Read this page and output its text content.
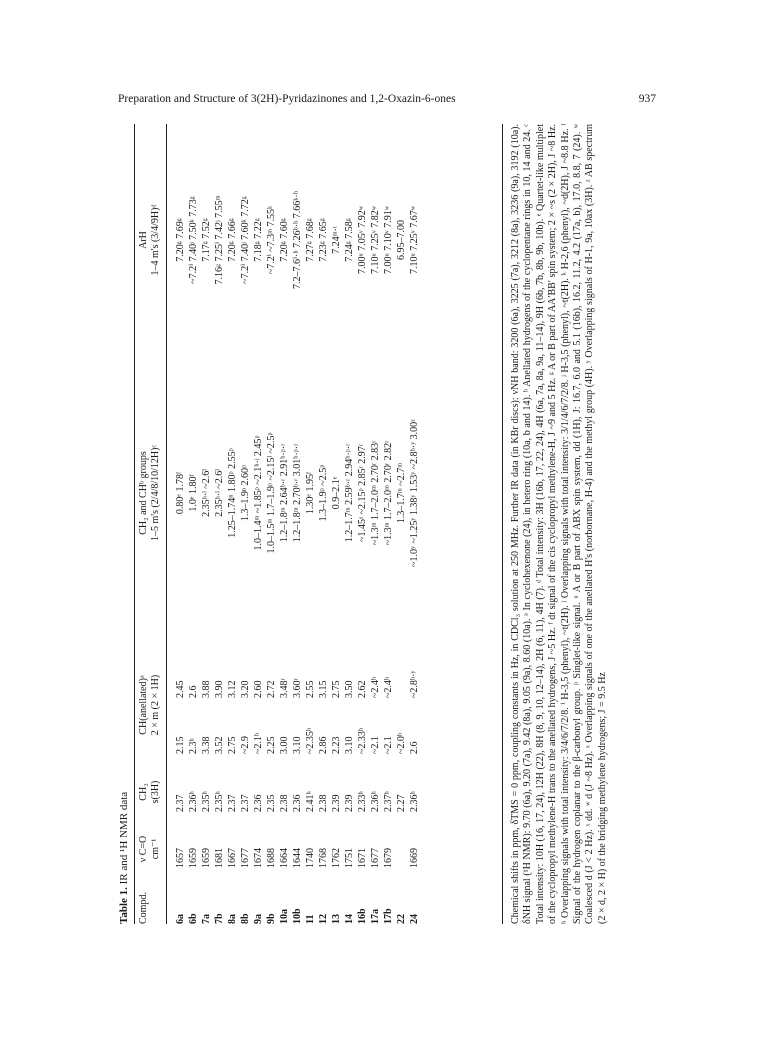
Preparation and Structure of 3(2H)-Pyridazinones and 1,2-Oxazin-6-ones	937
Table 1. IR and ¹H NMR data
Compd.
ν C=O cm⁻¹
CH₃ s(3H)
CH(anellated)ᵃ 2 × m (2 × 1H)
CH₂ and CHᵇ groups 1–5 m's (2/4/8/10/12H)ᶜ
ArH 1–4 m's (3/4/9H)ᵈ
6a
1657
2.37
2.15
2.45
0.80ᵉ 1.78ᶠ
7.20ᵍ 7.69ᵍ
6b
1659
2.36ʰ
2.3ʰ
2.6
1.0ᵉ 1.80ᶠ
~7.2ⁱ 7.40ʲ 7.50ᵏ 7.73ᵍ
7a
1659
2.35ʰ
3.38
3.88
2.35ʰ·ˡ ~2.6ˡ
7.17ᵍ 7.52ᵍ
7b
1681
2.35ʰ
3.52
3.90
2.35ʰ·ˡ ~2.6ˡ
7.16ᵍ 7.25ⁱ 7.42ʲ 7.55ᵐ
8a
1667
2.37
2.75
3.12
1.25–1.74ⁿ 1.80ᵖ 2.55ᵖ
7.20ᵍ 7.66ᵍ
8b
1677
2.37
~2.9
3.20
1.3–1.9ⁿ 2.60ᵖ
~7.2ⁱ 7.40ʲ 7.60ᵏ 7.72ᵍ
9a
1674
2.36
~2.1ʰ
2.60
1.0–1.4ᵐ ~1.85ᵖ ~2.1ʰ·ʲ 2.45ᵖ
7.18ᵍ 7.22ᵍ
9b
1688
2.35
2.25
2.72
1.0–1.5ᵐ 1.7–1.9ᵖ ~2.15ˡ ~2.5ᵖ
~7.2ⁱ ~7.3ᵐ 7.55ᵏ
10a
1664
2.38
3.00
3.48ʳ
1.2–1.8ᵐ 2.64ᵇ·ʳ 2.91ᵇ·ᵖ·ʳ
7.20ᵍ 7.60ᵍ
10b
1644
2.36
3.10
3.60ʳ
1.2–1.8ᵐ 2.70ᵇ·ʳ 3.01ᵇ·ᵖ·ʳ
7.2–7.6ⁱ·ʰ 7.26ᵇ·ʰ 7.66ᵏ·ʰ
11
1740
2.41ʰ
~2.35ʰ
2.55
1.30ᵉ 1.95ᶠ
7.27ᵍ 7.68ᵍ
12
1768
2.38
2.86
3.15
1.3–1.9ᵖ ~2.5ᵖ
7.23ᵍ 7.65ᵍ
13
1762
2.39
2.23
2.75
0.9–2.1ᵉ
7.24ᵐ·ᵗ
14
1751
2.39
3.10
3.50
1.2–1.7ᵐ 2.59ᵇ·ʳ 2.94ᵇ·ᵖ·ʳ
7.24ᵍ 7.58ᵍ
16b
1671
2.33ʰ
~2.33ʰ
2.62
~1.45ˢ ~2.15ᵖ 2.85ʳ 2.97ʳ
7.00ᵘ 7.05ᵛ 7.92ʷ
17a
1677
2.36ʰ
~2.1
~2.4ʰ
~1.3ᵐ 1.7–2.0ᵐ 2.70ʳ 2.83ʳ
7.10ᵘ 7.25ᵛ 7.82ʷ
17b
1679
2.37ʰ
~2.1
~2.4ʰ
~1.3ᵐ 1.7–2.0ᵐ 2.70ʳ 2.82ʳ
7.00ᵘ 7.10ᵛ 7.91ʷ
22
2.27
~2.0ʰ
1.3–1.7ᵐ ~2.7ᵐ
6.95–7.00
24
1669
2.36ʰ
2.6
~2.8ʰ·ʸ
~1.0ʸ ~1.25ʸ 1.38ʸ 1.53ʸ ~2.8ʰ·ʸ 3.00ᶻ
7.10ᵘ 7.25ᵛ 7.67ʷ	Chemical shifts in ppm, δTMS = 0 ppm, coupling constants in Hz, in CDCl₃ solution at 250 MHz. Further IR data (in KBr discs): νNH band: 3200 (6a), 3225 (7a), 3212 (8a), 3236 (9a), 3192 (10a). δNH signal (¹H NMR): 9.70 (6a), 9.20 (7a), 9.42 (8a), 9.05 (9a), 8.60 (10a). ᵃ In cyclohexenone (24), in hetero ring (10a, b and 14). ᵇ Anellated hydrogens of the cyclopentane rings in 10, 14 and 24. ᶜ Total intensity: 10H (16, 17, 24), 12H (22), 8H (8, 9, 10, 12–14), 2H (6, 11), 4H (7). ᵈ Total intensity: 3H (16b, 17, 22, 24), 4H (6a, 7a, 8a, 9a, 11–14), 9H (6b, 7b, 8b, 9b, 10b). ᵉ Quartet-like multiplet of the cyclopropyl methylene-H trans to the anellated hydrogens, J ~5 Hz. ᶠ dt signal of the cis cyclopropyl methylene-H, J ~9 and 5 Hz. ᵍ A or B part of AA′BB′ spin system; 2 × ~s (2 × 2H), J ~8 Hz. ʰ Overlapping signals with total intensity: 3/4/6/7/2/8. ⁱ H-3,5 (phenyl), ~t(2H). ʲ Overlapping signals with total intensity: 3/1/4/6/7/2/8. ʲ H-3,5 (phenyl), ~t(2H). ᵏ H-2,6 (phenyl), ~d(2H), J ~8.8 Hz. ˡ Signal of the hydrogen coplanar to the β-carbonyl group. ᵖ Singlet-like signal. ᵘ A or B part of ABX spin system, dd (1H), J: 16.7, 6.0 and 5.1 (16b), 16.2, 11.2, 4.2 (17a, b), 17.0, 8.8, 7 (24). ʷ Coalesced d (J < 2 Hz). ˣ dd. ʷ d (J ~8 Hz). ˣ Overlapping signals of one of the anellated H's (norbornane, H-4) and the methyl group (4H). ʸ Overlapping signals of H-1, 9a, 10ax (3H). ᶻ AB spectrum (2 × d, 2 × H) of the bridging methylene hydrogens; J = 9.5 Hz
